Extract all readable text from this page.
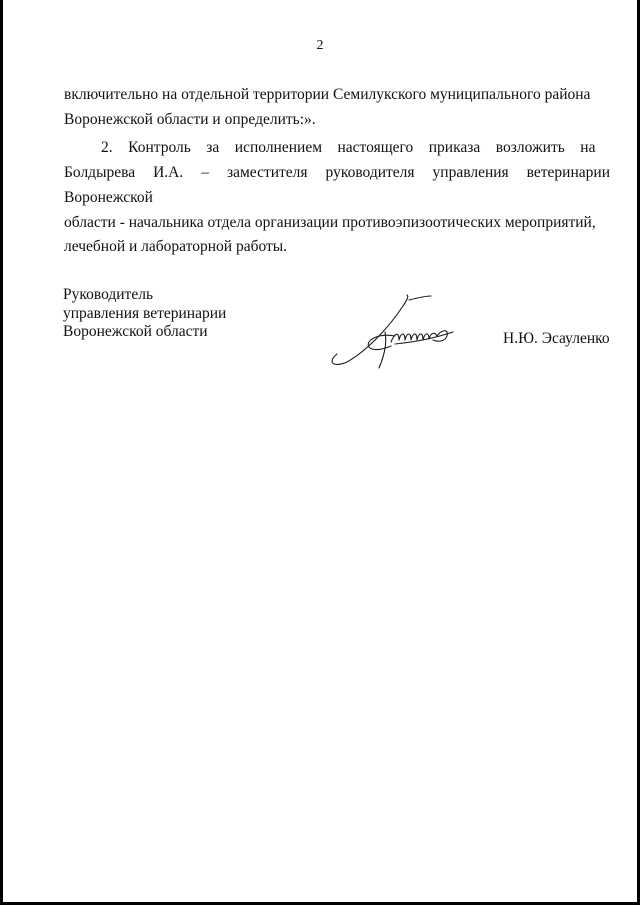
2

включительно на отдельной территории Семилукского муниципального района
Воронежской области и определить:».

2.    Контроль    за    исполнением    настоящего    приказа    возложить    на
Болдырева И.А. – заместителя руководителя управления ветеринарии Воронежской
области - начальника отдела организации противоэпизоотических мероприятий,
лечебной и лабораторной работы.

Руководитель
управления ветеринарии
Воронежской области	Н.Ю. Эсауленко
